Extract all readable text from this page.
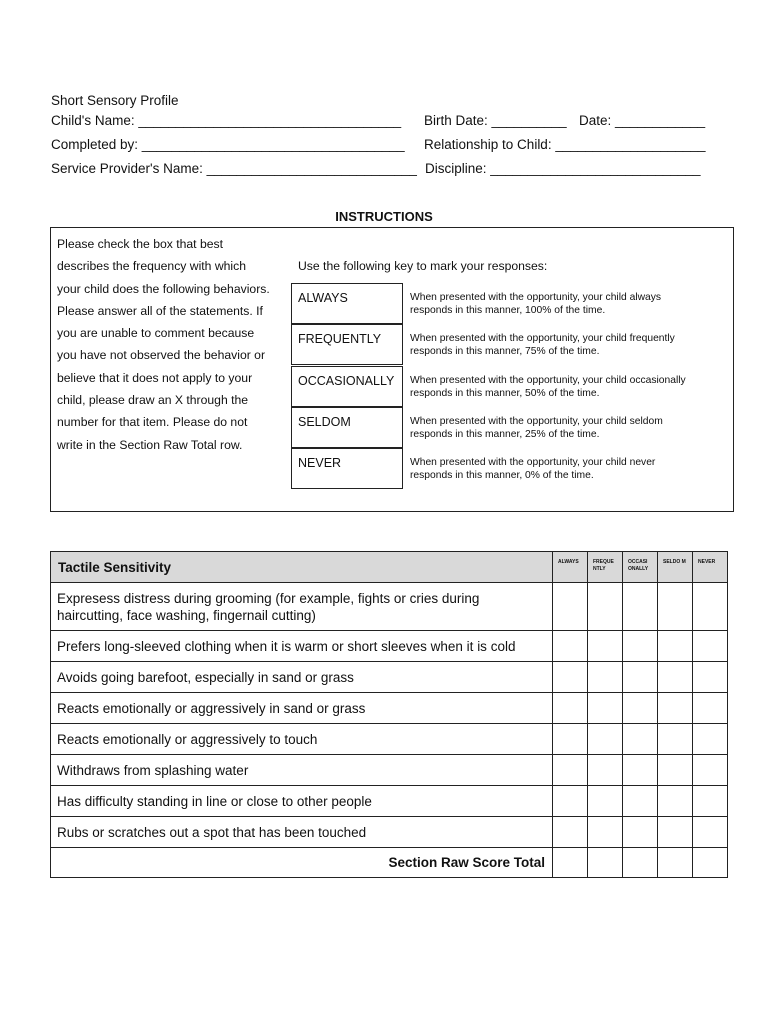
Short Sensory Profile
Child's Name: ___________________________________ Birth Date: __________ Date: ____________
Completed by: ___________________________________ Relationship to Child: ____________________
Service Provider's Name: ____________________________ Discipline: ____________________________
INSTRUCTIONS
Please check the box that best
describes the frequency with which
your child does the following behaviors.
Please answer all of the statements. If
you are unable to comment because
you have not observed the behavior or
believe that it does not apply to your
child, please draw an X through the
number for that item. Please do not
write in the Section Raw Total row.
Use the following key to mark your responses:
ALWAYS	When presented with the opportunity, your child always responds in this manner, 100% of the time.
FREQUENTLY	When presented with the opportunity, your child frequently responds in this manner, 75% of the time.
OCCASIONALLY	When presented with the opportunity, your child occasionally responds in this manner, 50% of the time.
SELDOM	When presented with the opportunity, your child seldom responds in this manner, 25% of the time.
NEVER	When presented with the opportunity, your child never responds in this manner, 0% of the time.
Tactile Sensitivity	ALWAYS	FREQUE NTLY	OCCASI ONALLY	SELDO M	NEVER
Expresess distress during grooming (for example, fights or cries during haircutting, face washing, fingernail cutting)					
Prefers long-sleeved clothing when it is warm or short sleeves when it is cold					
Avoids going barefoot, especially in sand or grass					
Reacts emotionally or aggressively in sand or grass					
Reacts emotionally or aggressively to touch					
Withdraws from splashing water					
Has difficulty standing in line or close to other people					
Rubs or scratches out a spot that has been touched					
Section Raw Score Total					
